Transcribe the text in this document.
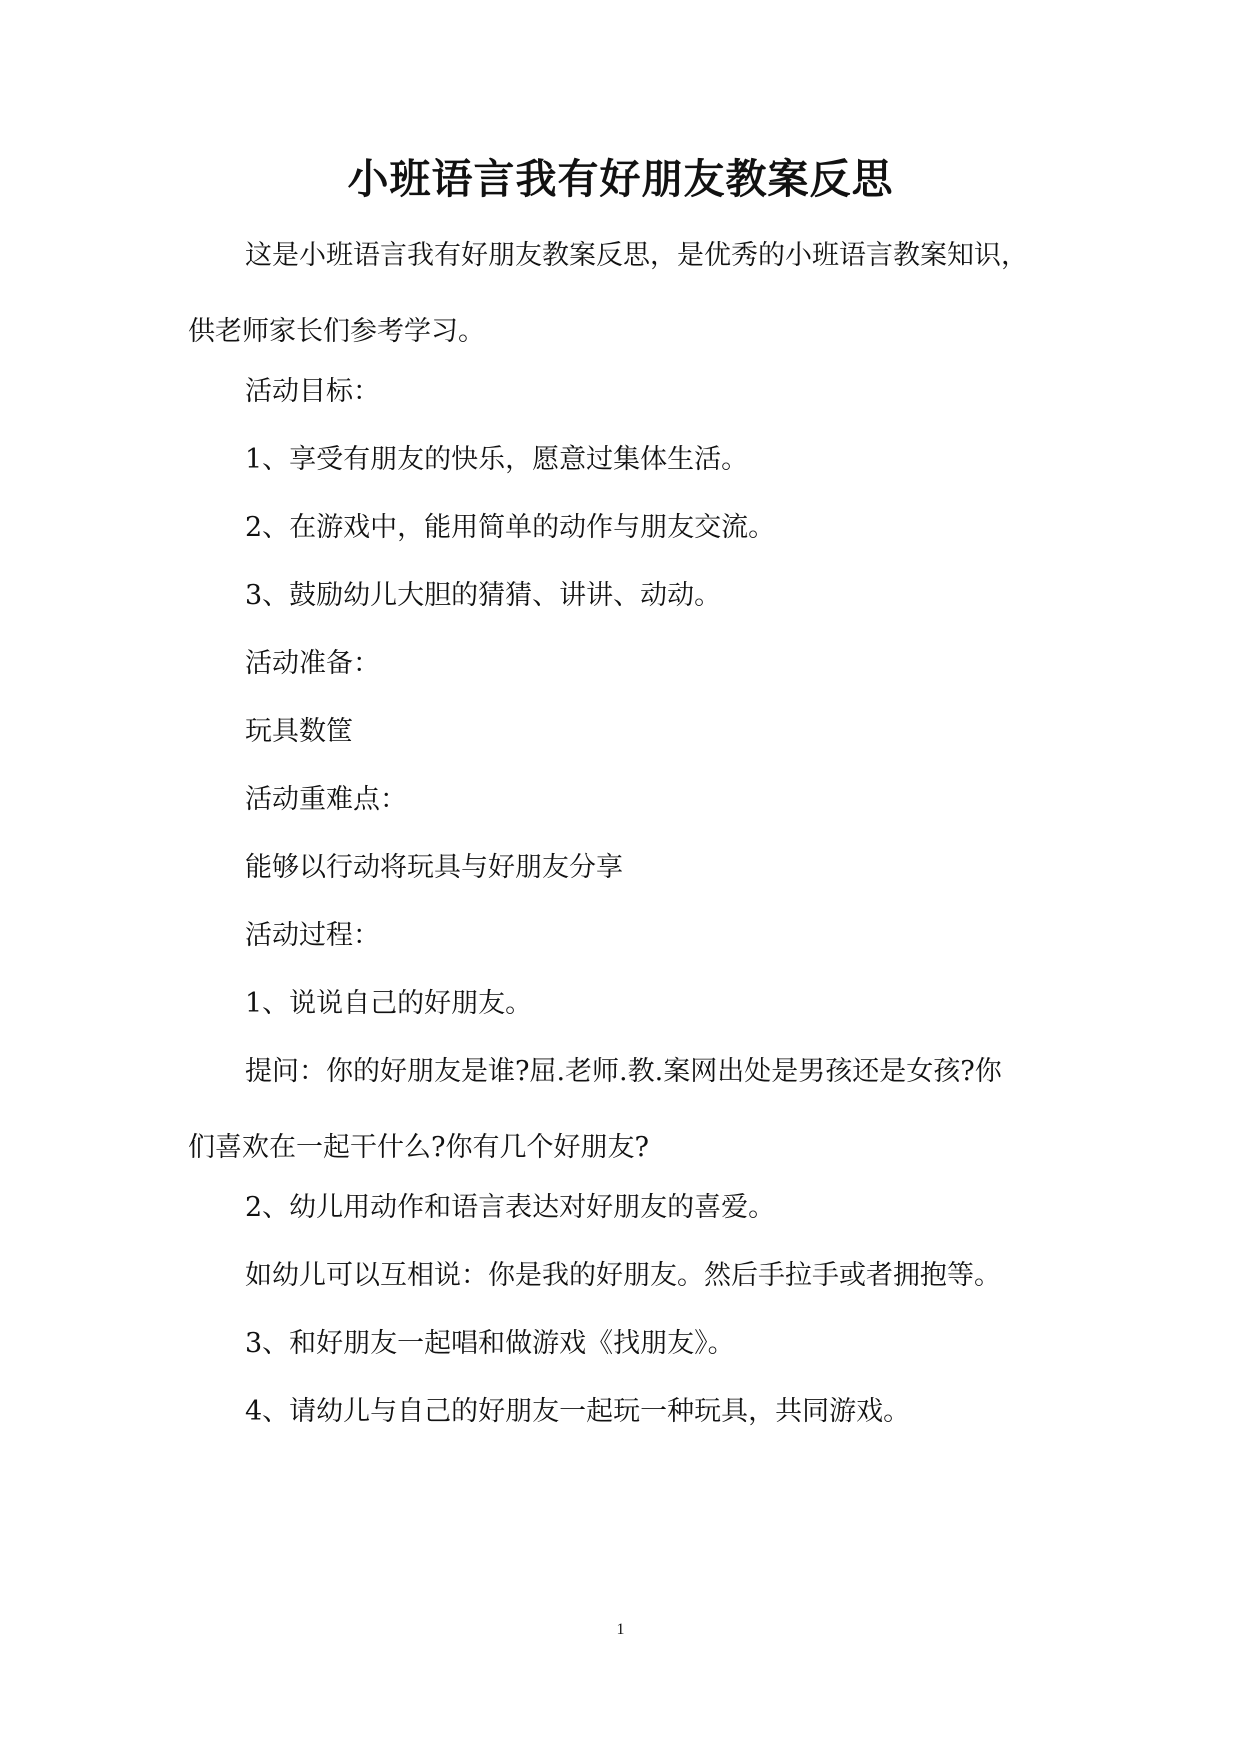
小班语言我有好朋友教案反思

这是小班语言我有好朋友教案反思，是优秀的小班语言教案知识，
供老师家长们参考学习。

活动目标：

1、享受有朋友的快乐，愿意过集体生活。

2、在游戏中，能用简单的动作与朋友交流。

3、鼓励幼儿大胆的猜猜、讲讲、动动。

活动准备：

玩具数筐

活动重难点：

能够以行动将玩具与好朋友分享

活动过程：

1、说说自己的好朋友。

提问：你的好朋友是谁?屈.老师.教.案网出处是男孩还是女孩?你
们喜欢在一起干什么?你有几个好朋友?

2、幼儿用动作和语言表达对好朋友的喜爱。

如幼儿可以互相说：你是我的好朋友。然后手拉手或者拥抱等。

3、和好朋友一起唱和做游戏《找朋友》。

4、请幼儿与自己的好朋友一起玩一种玩具，共同游戏。

1
